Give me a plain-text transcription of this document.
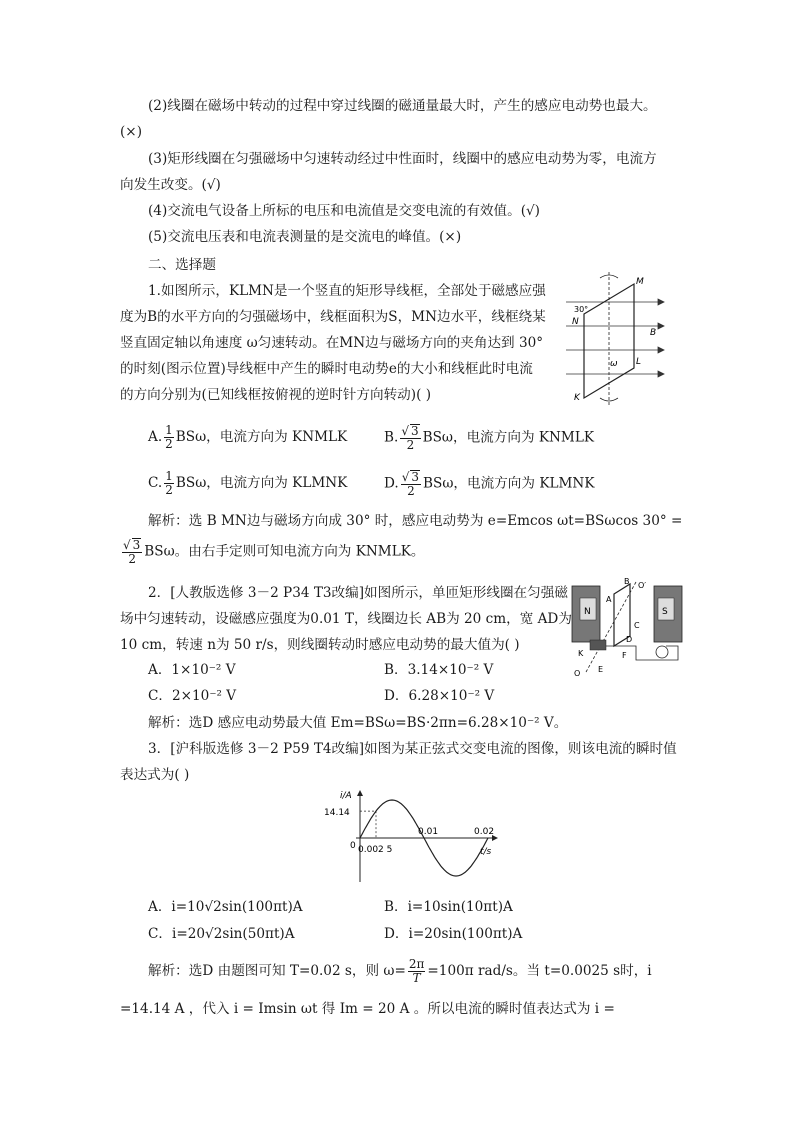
(2)线圈在磁场中转动的过程中穿过线圈的磁通量最大时，产生的感应电动势也最大。
(×)
(3)矩形线圈在匀强磁场中匀速转动经过中性面时，线圈中的感应电动势为零，电流方
向发生改变。(√)
(4)交流电气设备上所标的电压和电流值是交变电流的有效值。(√)
(5)交流电压表和电流表测量的是交流电的峰值。(×)
二、选择题
1.如图所示，KLMN是一个竖直的矩形导线框，全部处于磁感应强
度为B的水平方向的匀强磁场中，线框面积为S，MN边水平，线框绕某
竖直固定轴以角速度 ω匀速转动。在MN边与磁场方向的夹角达到 30°
的时刻(图示位置)导线框中产生的瞬时电动势e的大小和线框此时电流
的方向分别为(已知线框按俯视的逆时针方向转动)( )
M
N
B
L
K
ω
30°
A. $\frac{1}{2}$ BSω，电流方向为 KNMLK	B. $\frac{√ 3}{2}$ BSω，电流方向为 KNMLK
C. $\frac{1}{2}$ BSω，电流方向为 KLMNK	D. $\frac{√ 3}{2}$ BSω，电流方向为 KLMNK
解析：选 B MN边与磁场方向成 30° 时，感应电动势为 e=Emcos ωt=BSωcos 30° =
$\frac{√ 3}{2}$ BSω。由右手定则可知电流方向为 KNMLK。
2．[人教版选修 3－2 P34 T3改编]如图所示，单匝矩形线圈在匀强磁
场中匀速转动，设磁感应强度为0.01 T，线圈边长 AB为 20 cm，宽 AD为
10 cm，转速 n为 50 r/s，则线圈转动时感应电动势的最大值为( )
N	S
B O′
A
C
D
F
K
E
O
A．1×10⁻² V	B．3.14×10⁻² V
C．2×10⁻² V	D．6.28×10⁻² V
解析：选D 感应电动势最大值 Em=BSω=BS·2πn=6.28×10⁻² V。
3．[沪科版选修 3－2 P59 T4改编]如图为某正弦式交变电流的图像，则该电流的瞬时值
表达式为( )
14.14
i/A
t/s
0 0.002 5
0.01	0.02
A．i=10√2sin(100πt)A	B．i=10sin(10πt)A
C．i=20√2sin(50πt)A	D．i=20sin(100πt)A
解析：选D 由题图可知 T=0.02 s，则 $\omega= \frac{2\pi}{T} =100\pi$ rad/s。当 t=0.0025 s时，i
=14.14 A ，代入 i = Imsin ωt 得 Im = 20 A 。所以电流的瞬时值表达式为 i =
